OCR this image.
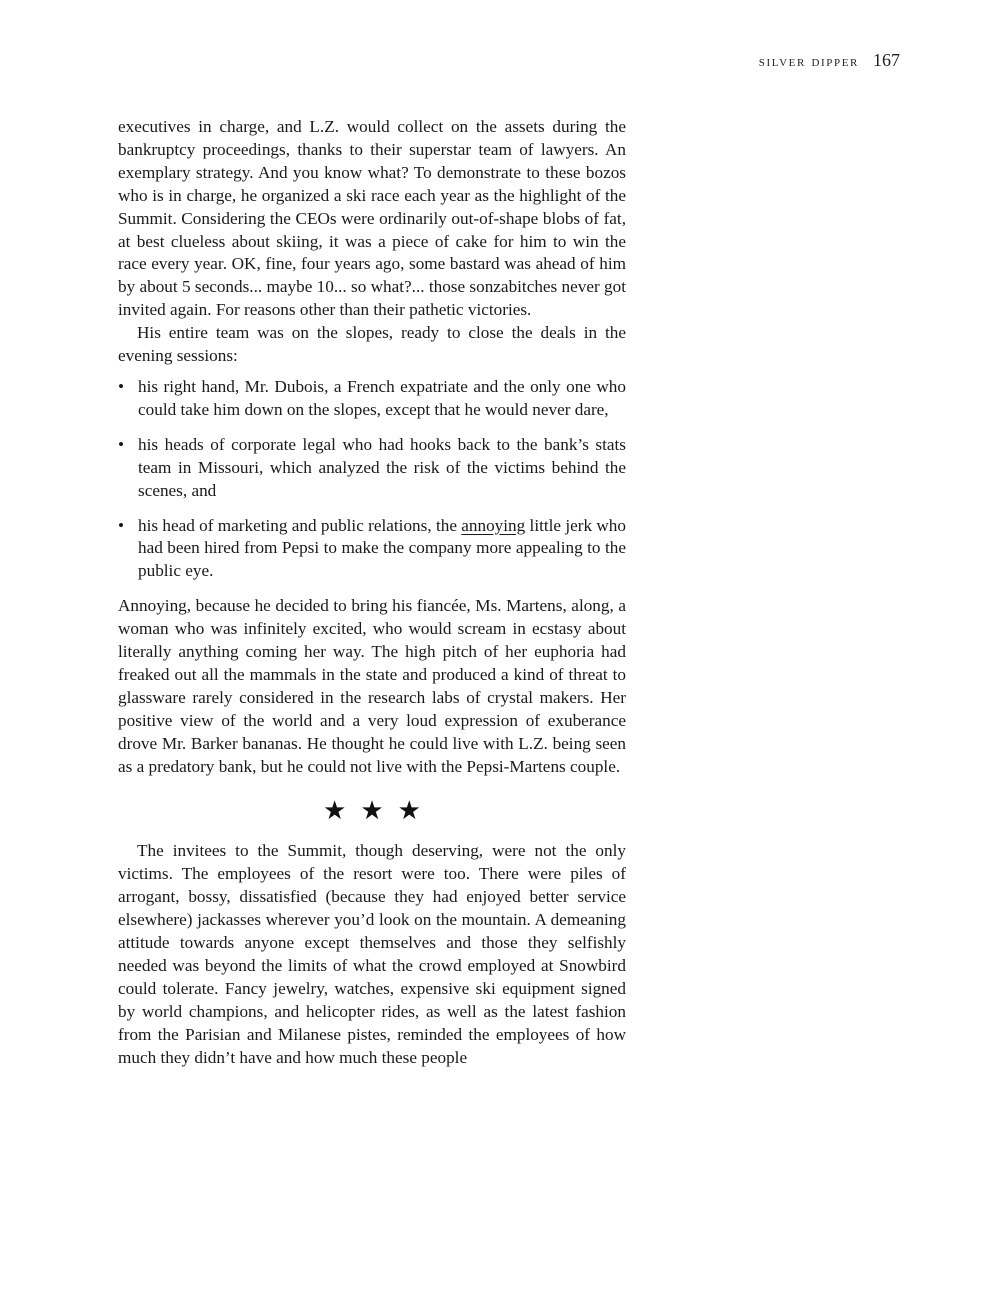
silver dipper 167

executives in charge, and L.Z. would collect on the assets during the bankruptcy proceedings, thanks to their superstar team of lawyers. An exemplary strategy. And you know what? To demonstrate to these bozos who is in charge, he organized a ski race each year as the highlight of the Summit. Considering the CEOs were ordinarily out-of-shape blobs of fat, at best clueless about skiing, it was a piece of cake for him to win the race every year. OK, fine, four years ago, some bastard was ahead of him by about 5 seconds... maybe 10... so what?... those sonzabitches never got invited again. For reasons other than their pathetic victories.

His entire team was on the slopes, ready to close the deals in the evening sessions:

• his right hand, Mr. Dubois, a French expatriate and the only one who could take him down on the slopes, except that he would never dare,
• his heads of corporate legal who had hooks back to the bank’s stats team in Missouri, which analyzed the risk of the victims behind the scenes, and
• his head of marketing and public relations, the annoying little jerk who had been hired from Pepsi to make the company more appealing to the public eye.

Annoying, because he decided to bring his fiancée, Ms. Martens, along, a woman who was infinitely excited, who would scream in ecstasy about literally anything coming her way. The high pitch of her euphoria had freaked out all the mammals in the state and produced a kind of threat to glassware rarely considered in the research labs of crystal makers. Her positive view of the world and a very loud expression of exuberance drove Mr. Barker bananas. He thought he could live with L.Z. being seen as a predatory bank, but he could not live with the Pepsi-Martens couple.

★★★

The invitees to the Summit, though deserving, were not the only victims. The employees of the resort were too. There were piles of arrogant, bossy, dissatisfied (because they had enjoyed better service elsewhere) jackasses wherever you’d look on the mountain. A demeaning attitude towards anyone except themselves and those they selfishly needed was beyond the limits of what the crowd employed at Snowbird could tolerate. Fancy jewelry, watches, expensive ski equipment signed by world champions, and helicopter rides, as well as the latest fashion from the Parisian and Milanese pistes, reminded the employees of how much they didn’t have and how much these people
